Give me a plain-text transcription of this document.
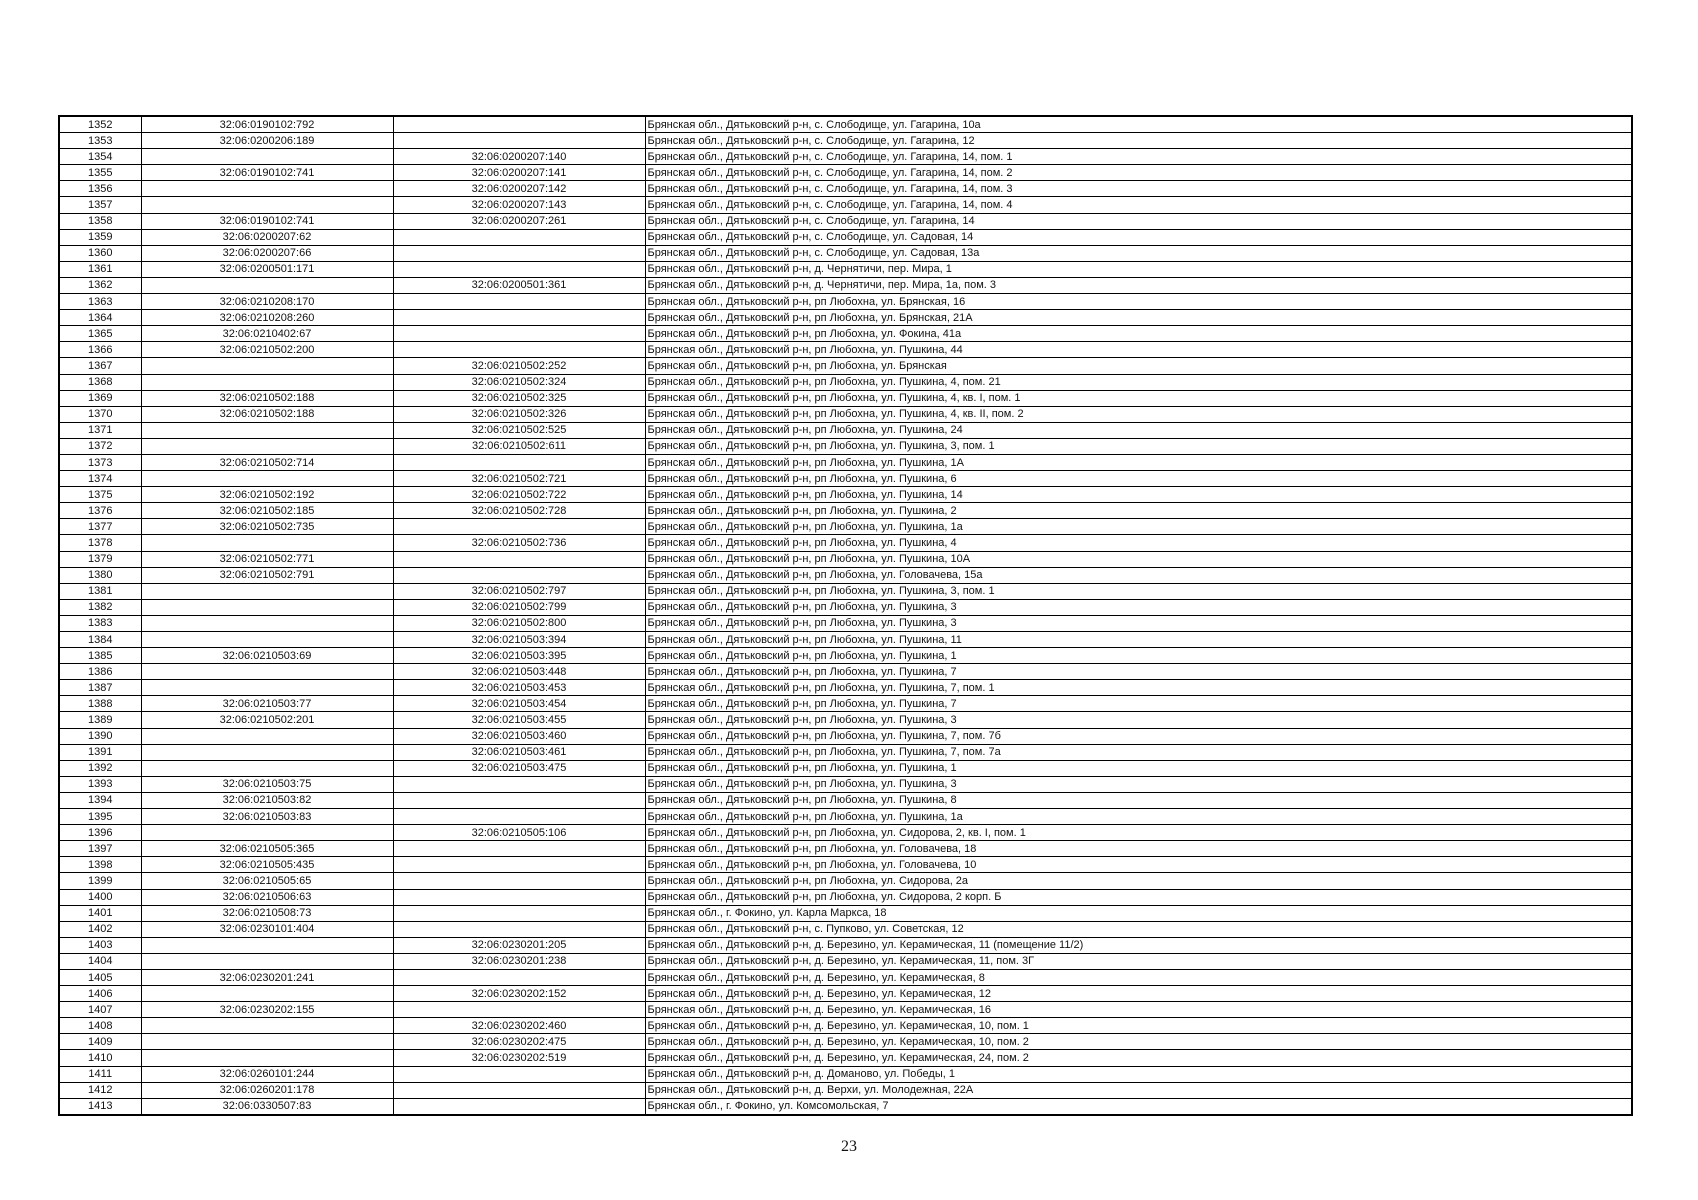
1352	32:06:0190102:792		Брянская обл., Дятьковский р-н, с. Слободище, ул. Гагарина, 10а
1353	32:06:0200206:189		Брянская обл., Дятьковский р-н, с. Слободище, ул. Гагарина, 12
1354		32:06:0200207:140	Брянская обл., Дятьковский р-н, с. Слободище, ул. Гагарина, 14, пом. 1
1355	32:06:0190102:741	32:06:0200207:141	Брянская обл., Дятьковский р-н, с. Слободище, ул. Гагарина, 14, пом. 2
1356		32:06:0200207:142	Брянская обл., Дятьковский р-н, с. Слободище, ул. Гагарина, 14, пом. 3
1357		32:06:0200207:143	Брянская обл., Дятьковский р-н, с. Слободище, ул. Гагарина, 14, пом. 4
1358	32:06:0190102:741	32:06:0200207:261	Брянская обл., Дятьковский р-н, с. Слободище, ул. Гагарина, 14
1359	32:06:0200207:62		Брянская обл., Дятьковский р-н, с. Слободище, ул. Садовая, 14
1360	32:06:0200207:66		Брянская обл., Дятьковский р-н, с. Слободище, ул. Садовая, 13а
1361	32:06:0200501:171		Брянская обл., Дятьковский р-н, д. Чернятичи, пер. Мира, 1
1362		32:06:0200501:361	Брянская обл., Дятьковский р-н, д. Чернятичи, пер. Мира, 1а, пом. 3
1363	32:06:0210208:170		Брянская обл., Дятьковский р-н, рп Любохна, ул. Брянская, 16
1364	32:06:0210208:260		Брянская обл., Дятьковский р-н, рп Любохна, ул. Брянская, 21А
1365	32:06:0210402:67		Брянская обл., Дятьковский р-н, рп Любохна, ул. Фокина, 41а
1366	32:06:0210502:200		Брянская обл., Дятьковский р-н, рп Любохна, ул. Пушкина, 44
1367		32:06:0210502:252	Брянская обл., Дятьковский р-н, рп Любохна, ул. Брянская
1368		32:06:0210502:324	Брянская обл., Дятьковский р-н, рп Любохна, ул. Пушкина, 4, пом. 21
1369	32:06:0210502:188	32:06:0210502:325	Брянская обл., Дятьковский р-н, рп Любохна, ул. Пушкина, 4, кв. I, пом. 1
1370	32:06:0210502:188	32:06:0210502:326	Брянская обл., Дятьковский р-н, рп Любохна, ул. Пушкина, 4, кв. II, пом. 2
1371		32:06:0210502:525	Брянская обл., Дятьковский р-н, рп Любохна, ул. Пушкина, 24
1372		32:06:0210502:611	Брянская обл., Дятьковский р-н, рп Любохна, ул. Пушкина, 3, пом. 1
1373	32:06:0210502:714		Брянская обл., Дятьковский р-н, рп Любохна, ул. Пушкина, 1А
1374		32:06:0210502:721	Брянская обл., Дятьковский р-н, рп Любохна, ул. Пушкина, 6
1375	32:06:0210502:192	32:06:0210502:722	Брянская обл., Дятьковский р-н, рп Любохна, ул. Пушкина, 14
1376	32:06:0210502:185	32:06:0210502:728	Брянская обл., Дятьковский р-н, рп Любохна, ул. Пушкина, 2
1377	32:06:0210502:735		Брянская обл., Дятьковский р-н, рп Любохна, ул. Пушкина, 1а
1378		32:06:0210502:736	Брянская обл., Дятьковский р-н, рп Любохна, ул. Пушкина, 4
1379	32:06:0210502:771		Брянская обл., Дятьковский р-н, рп Любохна, ул. Пушкина, 10А
1380	32:06:0210502:791		Брянская обл., Дятьковский р-н, рп Любохна, ул. Головачева, 15а
1381		32:06:0210502:797	Брянская обл., Дятьковский р-н, рп Любохна, ул. Пушкина, 3, пом. 1
1382		32:06:0210502:799	Брянская обл., Дятьковский р-н, рп Любохна, ул. Пушкина, 3
1383		32:06:0210502:800	Брянская обл., Дятьковский р-н, рп Любохна, ул. Пушкина, 3
1384		32:06:0210503:394	Брянская обл., Дятьковский р-н, рп Любохна, ул. Пушкина, 11
1385	32:06:0210503:69	32:06:0210503:395	Брянская обл., Дятьковский р-н, рп Любохна, ул. Пушкина, 1
1386		32:06:0210503:448	Брянская обл., Дятьковский р-н, рп Любохна, ул. Пушкина, 7
1387		32:06:0210503:453	Брянская обл., Дятьковский р-н, рп Любохна, ул. Пушкина, 7, пом. 1
1388	32:06:0210503:77	32:06:0210503:454	Брянская обл., Дятьковский р-н, рп Любохна, ул. Пушкина, 7
1389	32:06:0210502:201	32:06:0210503:455	Брянская обл., Дятьковский р-н, рп Любохна, ул. Пушкина, 3
1390		32:06:0210503:460	Брянская обл., Дятьковский р-н, рп Любохна, ул. Пушкина, 7, пом. 7б
1391		32:06:0210503:461	Брянская обл., Дятьковский р-н, рп Любохна, ул. Пушкина, 7, пом. 7а
1392		32:06:0210503:475	Брянская обл., Дятьковский р-н, рп Любохна, ул. Пушкина, 1
1393	32:06:0210503:75		Брянская обл., Дятьковский р-н, рп Любохна, ул. Пушкина, 3
1394	32:06:0210503:82		Брянская обл., Дятьковский р-н, рп Любохна, ул. Пушкина, 8
1395	32:06:0210503:83		Брянская обл., Дятьковский р-н, рп Любохна, ул. Пушкина, 1а
1396		32:06:0210505:106	Брянская обл., Дятьковский р-н, рп Любохна, ул. Сидорова, 2, кв. I, пом. 1
1397	32:06:0210505:365		Брянская обл., Дятьковский р-н, рп Любохна, ул. Головачева, 18
1398	32:06:0210505:435		Брянская обл., Дятьковский р-н, рп Любохна, ул. Головачева, 10
1399	32:06:0210505:65		Брянская обл., Дятьковский р-н, рп Любохна, ул. Сидорова, 2а
1400	32:06:0210506:63		Брянская обл., Дятьковский р-н, рп Любохна, ул. Сидорова, 2 корп. Б
1401	32:06:0210508:73		Брянская обл., г. Фокино, ул. Карла Маркса, 18
1402	32:06:0230101:404		Брянская обл., Дятьковский р-н, с. Пупково, ул. Советская, 12
1403		32:06:0230201:205	Брянская обл., Дятьковский р-н, д. Березино, ул. Керамическая, 11 (помещение 11/2)
1404		32:06:0230201:238	Брянская обл., Дятьковский р-н, д. Березино, ул. Керамическая, 11, пом. 3Г
1405	32:06:0230201:241		Брянская обл., Дятьковский р-н, д. Березино, ул. Керамическая, 8
1406		32:06:0230202:152	Брянская обл., Дятьковский р-н, д. Березино, ул. Керамическая, 12
1407	32:06:0230202:155		Брянская обл., Дятьковский р-н, д. Березино, ул. Керамическая, 16
1408		32:06:0230202:460	Брянская обл., Дятьковский р-н, д. Березино, ул. Керамическая, 10, пом. 1
1409		32:06:0230202:475	Брянская обл., Дятьковский р-н, д. Березино, ул. Керамическая, 10, пом. 2
1410		32:06:0230202:519	Брянская обл., Дятьковский р-н, д. Березино, ул. Керамическая, 24, пом. 2
1411	32:06:0260101:244		Брянская обл., Дятьковский р-н, д. Доманово, ул. Победы, 1
1412	32:06:0260201:178		Брянская обл., Дятьковский р-н, д. Верхи, ул. Молодежная, 22А
1413	32:06:0330507:83		Брянская обл., г. Фокино, ул. Комсомольская, 7
23
